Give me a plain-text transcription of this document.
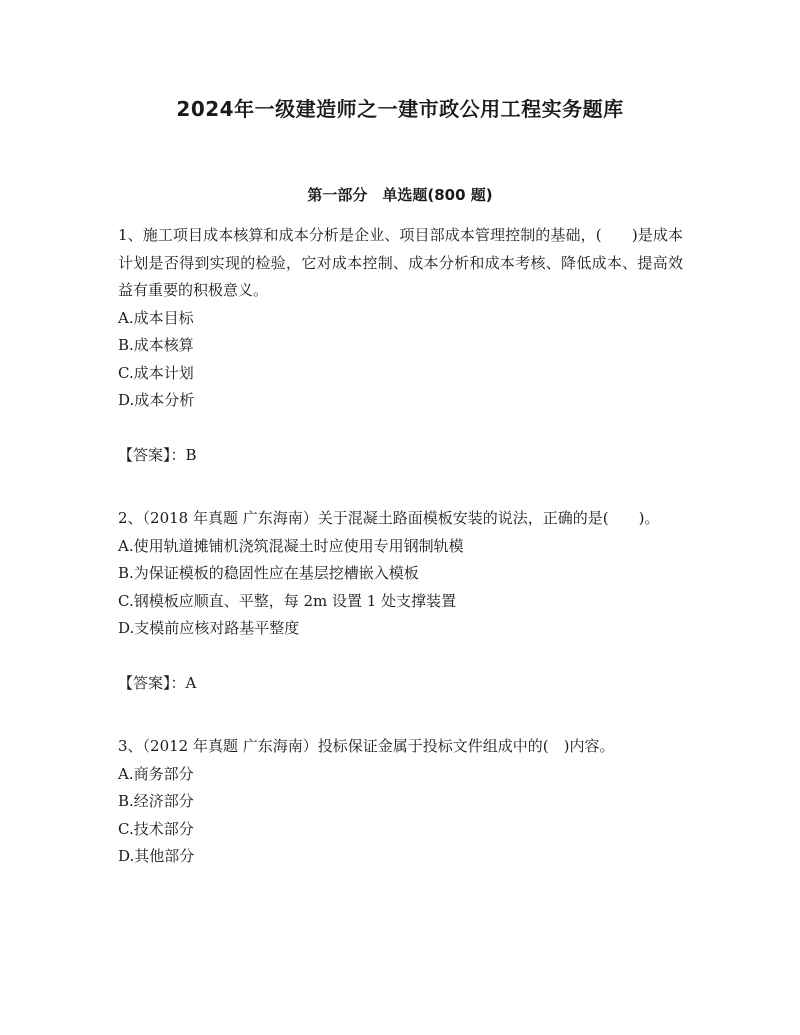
2024年一级建造师之一建市政公用工程实务题库
第一部分　单选题(800 题)

1、施工项目成本核算和成本分析是企业、项目部成本管理控制的基础，(　　)是成本计划是否得到实现的检验，它对成本控制、成本分析和成本考核、降低成本、提高效益有重要的积极意义。

A.成本目标

B.成本核算

C.成本计划

D.成本分析

【答案】：B

2、（2018 年真题 广东海南）关于混凝土路面模板安装的说法，正确的是(　　)。

A.使用轨道摊铺机浇筑混凝土时应使用专用钢制轨模

B.为保证模板的稳固性应在基层挖槽嵌入模板

C.钢模板应顺直、平整，每 2m 设置 1 处支撑装置

D.支模前应核对路基平整度

【答案】：A

3、（2012 年真题 广东海南）投标保证金属于投标文件组成中的(　)内容。

A.商务部分

B.经济部分

C.技术部分

D.其他部分
